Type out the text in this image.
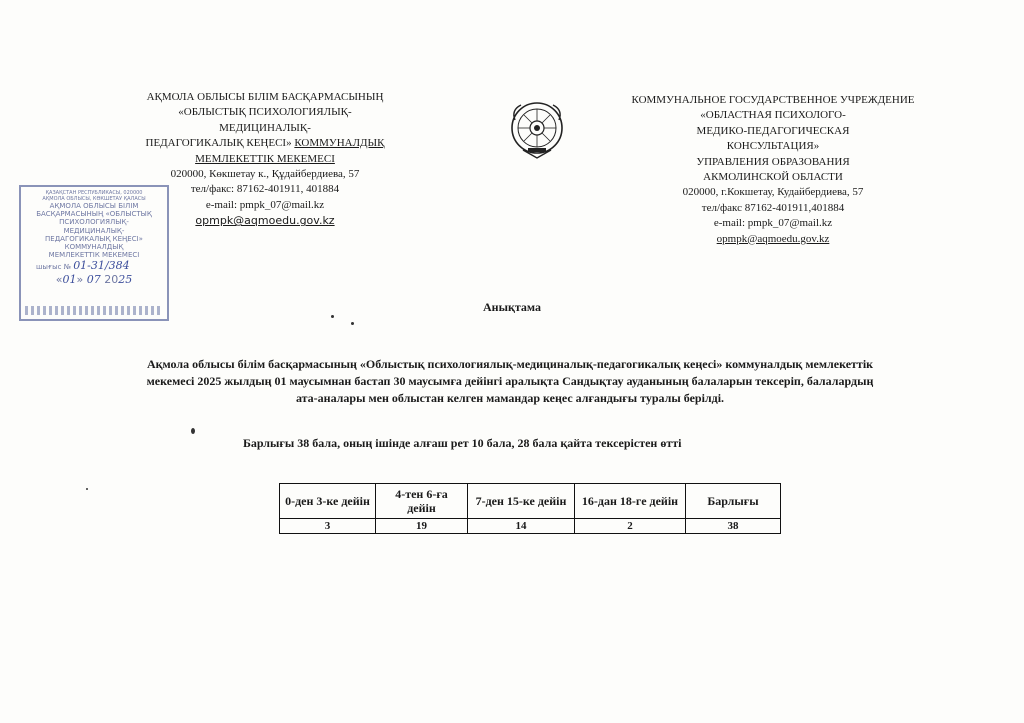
АҚМОЛА ОБЛЫСЫ БІЛІМ БАСҚАРМАСЫНЫҢ
«ОБЛЫСТЫҚ ПСИХОЛОГИЯЛЫҚ-
МЕДИЦИНАЛЫҚ-
ПЕДАГОГИКАЛЫҚ КЕҢЕСІ» КОММУНАЛДЫҚ
МЕМЛЕКЕТТІК МЕКЕМЕСІ
020000, Көкшетау к., Құдайбердиева, 57
тел/факс: 87162-401911, 401884
e-mail: pmpk_07@mail.kz
opmpk@aqmoedu.gov.kz
КОММУНАЛЬНОЕ ГОСУДАРСТВЕННОЕ УЧРЕЖДЕНИЕ
«ОБЛАСТНАЯ ПСИХОЛОГО-
МЕДИКО-ПЕДАГОГИЧЕСКАЯ
КОНСУЛЬТАЦИЯ»
УПРАВЛЕНИЯ ОБРАЗОВАНИЯ
АКМОЛИНСКОЙ ОБЛАСТИ
020000, г.Кокшетау, Кудайбердиева, 57
тел/факс 87162-401911,401884
e-mail: pmpk_07@mail.kz
opmpk@aqmoedu.gov.kz
ҚАЗАҚСТАН РЕСПУБЛИКАСЫ, 020000
АҚМОЛА ОБЛЫСЫ, КӨКШЕТАУ ҚАЛАСЫ
АҚМОЛА ОБЛЫСЫ БІЛІМ
БАСҚАРМАСЫНЫҢ «ОБЛЫСТЫҚ
ПСИХОЛОГИЯЛЫҚ-
МЕДИЦИНАЛЫҚ-
ПЕДАГОГИКАЛЫҚ КЕҢЕСІ»
КОММУНАЛДЫҚ
МЕМЛЕКЕТТІК МЕКЕМЕСІ
шығыс № 01-31/384
«01» 07 2025
Анықтама
Ақмола облысы білім басқармасының «Облыстық психологиялық-медициналық-педагогикалық кеңесі» коммуналдық мемлекеттік мекемесі 2025 жылдың 01 маусымнан бастап 30 маусымға дейінгі аралықта Сандықтау ауданының балаларын тексеріп, балалардың ата-аналары мен облыстан келген мамандар кеңес алғандығы туралы берілді.
Барлығы 38 бала, оның ішінде алғаш рет 10 бала, 28 бала қайта тексерістен өтті
0-ден 3-ке дейін	4-тен 6-ға дейін	7-ден 15-ке дейін	16-дан 18-ге дейін	Барлығы
3	19	14	2	38
